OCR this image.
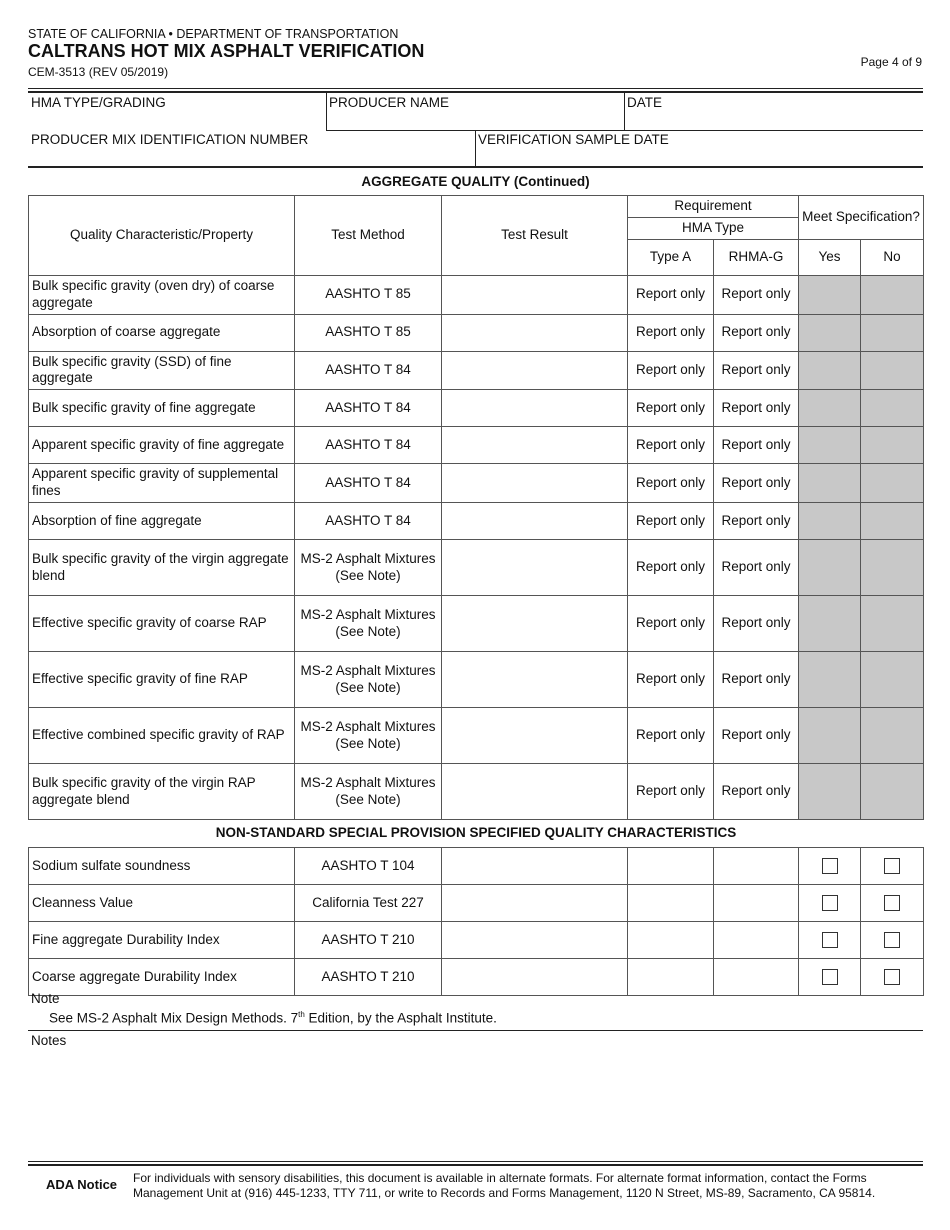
STATE OF CALIFORNIA • DEPARTMENT OF TRANSPORTATION
CALTRANS HOT MIX ASPHALT VERIFICATION
CEM-3513 (REV 05/2019)
Page 4 of 9
HMA TYPE/GRADING	PRODUCER NAME	DATE
PRODUCER MIX IDENTIFICATION NUMBER	VERIFICATION SAMPLE DATE
AGGREGATE QUALITY (Continued)
Quality Characteristic/Property	Test Method	Test Result	Requirement		Meet Specification?	
			HMA Type			
			Type A	RHMA-G	Yes	No
Bulk specific gravity (oven dry) of coarse aggregate	AASHTO T 85		Report only	Report only		
Absorption of coarse aggregate	AASHTO T 85		Report only	Report only		
Bulk specific gravity (SSD) of fine aggregate	AASHTO T 84		Report only	Report only		
Bulk specific gravity of fine aggregate	AASHTO T 84		Report only	Report only		
Apparent specific gravity of fine aggregate	AASHTO T 84		Report only	Report only		
Apparent specific gravity of supplemental fines	AASHTO T 84		Report only	Report only		
Absorption of fine aggregate	AASHTO T 84		Report only	Report only		
Bulk specific gravity of the virgin aggregate blend	MS-2 Asphalt Mixtures (See Note)		Report only	Report only		
Effective specific gravity of coarse RAP	MS-2 Asphalt Mixtures (See Note)		Report only	Report only		
Effective specific gravity of fine RAP	MS-2 Asphalt Mixtures (See Note)		Report only	Report only		
Effective combined specific gravity of RAP	MS-2 Asphalt Mixtures (See Note)		Report only	Report only		
Bulk specific gravity of the virgin RAP aggregate blend	MS-2 Asphalt Mixtures (See Note)		Report only	Report only		
NON-STANDARD SPECIAL PROVISION SPECIFIED QUALITY CHARACTERISTICS						
Sodium sulfate soundness	AASHTO T 104					
Cleanness Value	California Test 227					
Fine aggregate Durability Index	AASHTO T 210					
Coarse aggregate Durability Index	AASHTO T 210					
Note
See MS-2 Asphalt Mix Design Methods. 7th Edition, by the Asphalt Institute.
Notes
ADA Notice For individuals with sensory disabilities, this document is available in alternate formats. For alternate format information, contact the Forms Management Unit at (916) 445-1233, TTY 711, or write to Records and Forms Management, 1120 N Street, MS-89, Sacramento, CA 95814.
